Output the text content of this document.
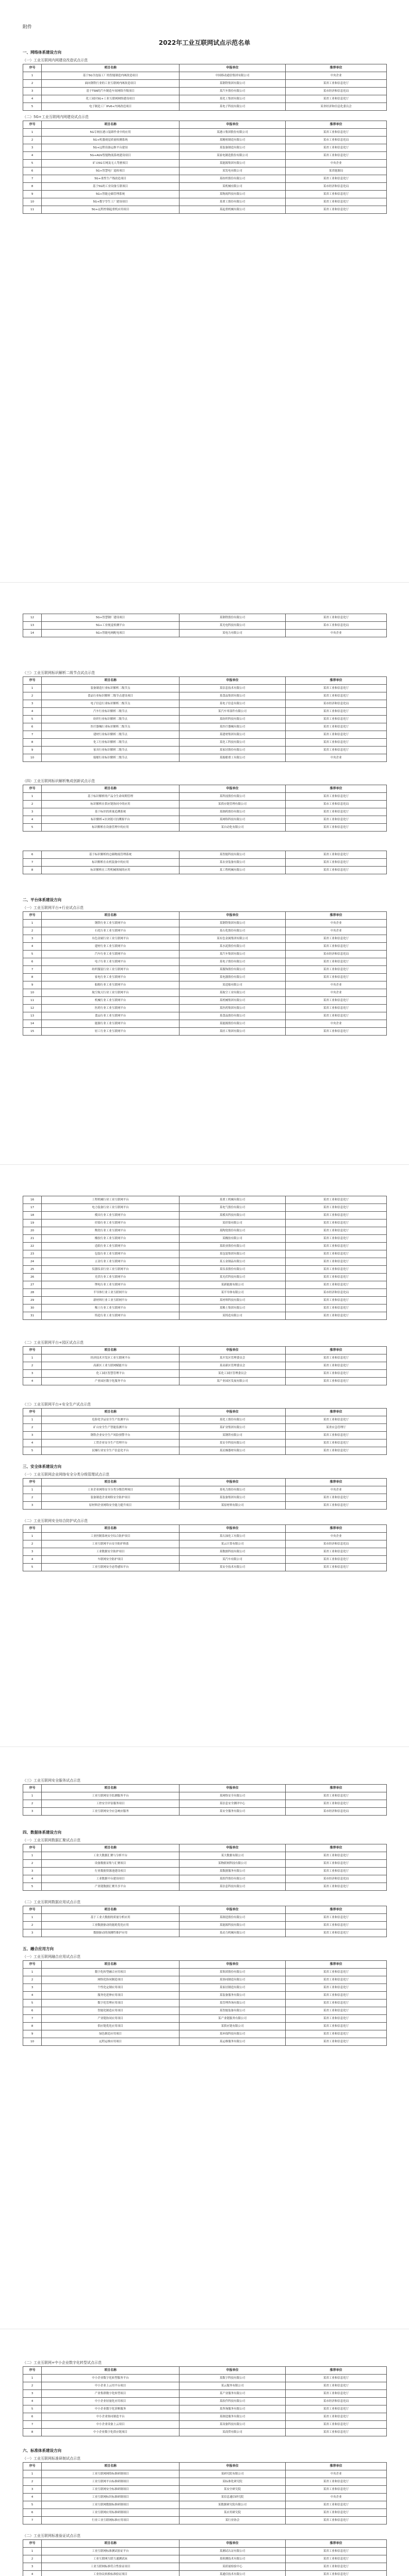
附件
2022年工业互联网试点示范名单
一、网络体系建设方向
（一）工业互联网内网建设改造试点示范
序号	项目名称	申报单位	推荐单位
1	基于5G全连接工厂的智能制造内网改造项目	中国移动通信集团有限公司	中央企业
2	面向钢铁行业的工业互联网内网改造项目	某钢铁集团有限公司	某省工业和信息化厅
3	基于TSN的汽车制造车间网络升级项目	某汽车股份有限公司	某市经济和信息化局
4	化工园区5G+工业互联网网络建设项目	某化工集团有限公司	某省工业和信息化厅
5	电子制造工厂IPv6+内网改造项目	某电子科技有限公司	某省经济和信息化委员会
（二）5G+工业互联网内网建设试点示范
序号	项目名称	申报单位	推荐单位
1	5G专网在港口装卸作业中的应用	某港口集团股份有限公司	某省工业和信息化厅
2	5G+机器视觉质量检测系统	某精密制造有限公司	某市工业和信息化局
3	5G+远程设备运维平台建设	某装备制造有限公司	某省工业和信息化厅
4	5G+AGV智能物流系统建设项目	某家电制造股份有限公司	某省工业和信息化厅
5	矿山5G专网及无人驾驶项目	某能源集团有限公司	中央企业
6	5G+智慧电厂巡检项目	某发电有限公司	某省能源局
7	5G+柔性生产线改造项目	某纺织股份有限公司	某省工业和信息化厅
8	基于5G的工业设备互联项目	某机械有限公司	某市经济和信息化局
9	5G+智能仓储管理系统	某物流科技有限公司	某省工业和信息化厅
10	5G+数字孪生工厂建设项目	某重工股份有限公司	某省工业和信息化厅
11	5G+远程控制起重机应用项目	某起重机械有限公司	某省工业和信息化厅
12	5G+智慧钢厂建设项目	某钢铁股份有限公司	某省工业和信息化厅
13	5G+工业视觉检测平台	某光电科技有限公司	某市工业和信息化局
14	5G+智能电网配电项目	某电力有限公司	中央企业
（三）工业互联网标识解析二级节点试点示范
序号	项目名称	申报单位	推荐单位
1	装备制造行业标识解析二级节点	某信息技术有限公司	某省工业和信息化厅
2	食品行业标识解析二级节点建设项目	某食品集团有限公司	某省工业和信息化厅
3	电子信息行业标识解析二级节点	某电子信息有限公司	某市经济和信息化局
4	汽车行业标识解析二级节点	某汽车零部件有限公司	某省工业和信息化厅
5	纺织行业标识解析二级节点	某纺织科技有限公司	某省工业和信息化厅
6	医疗器械行业标识解析二级节点	某医疗器械有限公司	某省工业和信息化厅
7	建材行业标识解析二级节点	某建材集团有限公司	某省工业和信息化厅
8	化工行业标识解析二级节点	某化工科技有限公司	某省工业和信息化厅
9	家具行业标识解析二级节点	某家居股份有限公司	某省工业和信息化厅
10	船舶行业标识解析二级节点	某船舶重工有限公司	中央企业
（四）工业互联网标识解析集成创新试点示范
序号	项目名称	申报单位	推荐单位
1	基于标识解析的产品全生命周期管理	某科技股份有限公司	某省工业和信息化厅
2	标识解析在供应链协同中的应用	某供应链管理有限公司	某市工业和信息化局
3	基于标识的质量追溯系统	某制药股份有限公司	某省工业和信息化厅
4	标识解析+区块链可信溯源平台	某网络科技有限公司	某省工业和信息化厅
5	标识解析在设备管理中的应用	某自动化有限公司	某省工业和信息化厅
6	基于标识解析的仓储物流管理系统	某智能科技有限公司	某省工业和信息化厅
7	标识解析在农机装备中的应用	某农业装备有限公司	某省工业和信息化厅
8	标识解析在工程机械领域的应用	某工程机械有限公司	某省工业和信息化厅
二、平台体系建设方向
（一）工业互联网平台+行业试点示范
序号	项目名称	申报单位	推荐单位
1	钢铁行业工业互联网平台	某钢铁集团有限公司	中央企业
2	石化行业工业互联网平台	某石化股份有限公司	中央企业
3	有色金属行业工业互联网平台	某有色金属集团有限公司	某省工业和信息化厅
4	建材行业工业互联网平台	某水泥股份有限公司	某省工业和信息化厅
5	汽车行业工业互联网平台	某汽车集团有限公司	某市经济和信息化局
6	电子行业工业互联网平台	某电子股份有限公司	某省工业和信息化厅
7	纺织服装行业工业互联网平台	某服饰股份有限公司	某省工业和信息化厅
8	家电行业工业互联网平台	某电器股份有限公司	某省工业和信息化厅
9	船舶行业工业互联网平台	某造船有限公司	中央企业
10	航空航天行业工业互联网平台	某航空工业有限公司	中央企业
11	机械行业工业互联网平台	某机械集团有限公司	某省工业和信息化厅
12	医药行业工业互联网平台	某医药集团有限公司	某省工业和信息化厅
13	食品行业工业互联网平台	某食品股份有限公司	某省工业和信息化厅
14	能源行业工业互联网平台	某能源股份有限公司	中央企业
15	轻工行业工业互联网平台	某轻工集团有限公司	某省工业和信息化厅
16	工程机械行业工业互联网平台	某重工机械有限公司	某省工业和信息化厅
17	电力装备行业工业互联网平台	某电气股份有限公司	某省工业和信息化厅
18	模具行业工业互联网平台	某模具科技有限公司	某省工业和信息化厅
19	印染行业工业互联网平台	某印染有限公司	某省工业和信息化厅
20	陶瓷行业工业互联网平台	某陶瓷股份有限公司	某省工业和信息化厅
21	橡胶行业工业互联网平台	某橡胶有限公司	某省工业和信息化厅
22	造纸行业工业互联网平台	某纸业股份有限公司	某省工业和信息化厅
23	包装行业工业互联网平台	某包装集团有限公司	某省工业和信息化厅
24	五金行业工业互联网平台	某五金制品有限公司	某省工业和信息化厅
25	仪器仪表行业工业互联网平台	某仪表股份有限公司	某省工业和信息化厅
26	光伏行业工业互联网平台	某光伏科技有限公司	某省工业和信息化厅
27	锂电行业工业互联网平台	某新能源有限公司	某省工业和信息化厅
28	半导体行业工业互联网平台	某半导体有限公司	某市经济和信息化局
29	新材料行业工业互联网平台	某材料科技有限公司	某省工业和信息化厅
30	稀土行业工业互联网平台	某稀土集团有限公司	某省工业和信息化厅
31	铸造行业工业互联网平台	某铸造有限公司	某省工业和信息化厅
（二）工业互联网平台+园区试点示范
序号	项目名称	申报单位	推荐单位
1	经济技术开发区工业互联网平台	某开发区管理委员会	某省工业和信息化厅
2	高新区工业互联网赋能平台	某高新区管理委员会	某省工业和信息化厅
3	化工园区智慧管理平台	某化工园区管理委员会	某省工业和信息化厅
4	产业园区数字化服务平台	某产业园区发展有限公司	某省工业和信息化厅
（三）工业互联网平台+安全生产试点示范
序号	项目名称	申报单位	推荐单位
1	危险化学品安全生产监测平台	某化工股份有限公司	某省工业和信息化厅
2	矿山安全生产智能监测平台	某矿业集团有限公司	某省应急管理厅
3	钢铁企业安全生产风险预警平台	某钢铁有限公司	某省工业和信息化厅
4	工贸企业安全生产管理平台	某安全科技有限公司	某省工业和信息化厅
5	民爆行业安全生产信息化平台	某民爆器材有限公司	某省工业和信息化厅
三、安全体系建设方向
（一）工业互联网企业网络安全分类分级管理试点示范
序号	项目名称	申报单位	推荐单位
1	工业企业网络安全分类分级管理项目	某电力股份有限公司	中央企业
2	装备制造企业网络安全防护项目	某装备集团有限公司	某省工业和信息化厅
3	原材料企业网络安全能力提升项目	某原材料有限公司	某省工业和信息化厅
（二）工业互联网安全综合防护试点示范
序号	项目名称	申报单位	推荐单位
1	工业控制系统安全综合防护项目	某石油化工有限公司	中央企业
2	工业互联网平台安全防护体系	某云计算有限公司	某市经济和信息化局
3	工业数据安全防护项目	某数据科技有限公司	某省工业和信息化厅
4	车联网安全防护项目	某汽车有限公司	某省工业和信息化厅
5	工业互联网安全态势感知平台	某安全技术有限公司	某省工业和信息化厅
（三）工业互联网安全服务试点示范
序号	项目名称	申报单位	推荐单位
1	工业互联网安全监测服务平台	某网络安全有限公司	某省工业和信息化厅
2	工控安全评估服务项目	某信息安全测评中心	某省工业和信息化厅
3	工业互联网安全应急响应服务	某安全服务有限公司	某市经济和信息化局
四、数据体系建设方向
（一）工业互联网数据汇聚试点示范
序号	项目名称	申报单位	推荐单位
1	工业大数据汇聚与分析平台	某大数据有限公司	某省工业和信息化厅
2	设备数据采集与汇聚项目	某物联网科技有限公司	某省工业和信息化厅
3	行业数据资源池建设项目	某数据服务有限公司	某省工业和信息化厅
4	工业数据中台建设项目	某软件股份有限公司	某市经济和信息化局
5	产业链数据汇聚共享平台	某信息科技有限公司	某省工业和信息化厅
（二）工业互联网数据应用试点示范
序号	项目名称	申报单位	推荐单位
1	基于工业大数据的质量分析应用	某制造股份有限公司	某省工业和信息化厅
2	工业数据驱动的能耗优化应用	某能源科技有限公司	某省工业和信息化厅
3	数据驱动的预测性维护应用	某动力机械有限公司	某省工业和信息化厅
五、融合应用方向
（一）工业互联网融合应用试点示范
序号	项目名称	申报单位	推荐单位
1	数字化转型融合应用项目	某集团股份有限公司	某省工业和信息化厅
2	网络化协同制造项目	某协同制造有限公司	某省工业和信息化厅
3	个性化定制应用项目	某家居制造有限公司	某省工业和信息化厅
4	服务化延伸应用项目	某装备服务有限公司	某省工业和信息化厅
5	数字化管理应用项目	某管理咨询有限公司	某省工业和信息化厅
6	智能化制造应用项目	某智能装备有限公司	某省工业和信息化厅
7	产业链协同应用项目	某产业链服务有限公司	某省工业和信息化厅
8	供应链优化应用项目	某供应链有限公司	某省工业和信息化厅
9	绿色制造应用项目	某环保科技有限公司	某省工业和信息化厅
10	远程运维应用项目	某运维服务有限公司	某省工业和信息化厅
（二）工业互联网+中小企业数字化转型试点示范
序号	项目名称	申报单位	推荐单位
1	中小企业数字化转型服务平台	某数字科技有限公司	某省工业和信息化厅
2	中小企业上云用平台项目	某云服务有限公司	某省工业和信息化厅
3	产业集群数字化转型项目	某产业服务有限公司	某省工业和信息化厅
4	中小企业轻量化应用项目	某软件科技有限公司	某市经济和信息化局
5	中小企业数字化诊断服务	某咨询服务有限公司	某省工业和信息化厅
6	中小企业协同制造平台	某制造服务有限公司	某省工业和信息化厅
7	中小企业设备上云项目	某设备科技有限公司	某省工业和信息化厅
8	中小企业数字化供应链项目	某商贸有限公司	某省工业和信息化厅
六、标准体系建设方向
（一）工业互联网标准研制试点示范
序号	项目名称	申报单位	推荐单位
1	工业互联网网络标准研制项目	某研究院有限公司	中央企业
2	工业互联网平台标准研制项目	某标准化研究院	某省工业和信息化厅
3	工业互联网安全标准研制项目	某安全研究院	某省工业和信息化厅
4	工业互联网标识标准研制项目	某信息通信研究院	中央企业
5	工业互联网数据标准研制项目	某数据研究院有限公司	某省工业和信息化厅
6	工业互联网应用标准研制项目	某应用研究院	某省工业和信息化厅
7	行业工业互联网标准应用项目	某行业协会	某省工业和信息化厅
（二）工业互联网标准验证试点示范
序号	项目名称	申报单位	推荐单位
1	工业互联网标准测试验证平台	某测试认证有限公司	某省工业和信息化厅
2	工业互联网互联互通测试床	某检测技术有限公司	某省工业和信息化厅
3	工业互联网标准符合性验证项目	某质量检验中心	某省工业和信息化厅
4	工业协议转换标准验证项目	某通信技术有限公司	某省工业和信息化厅
